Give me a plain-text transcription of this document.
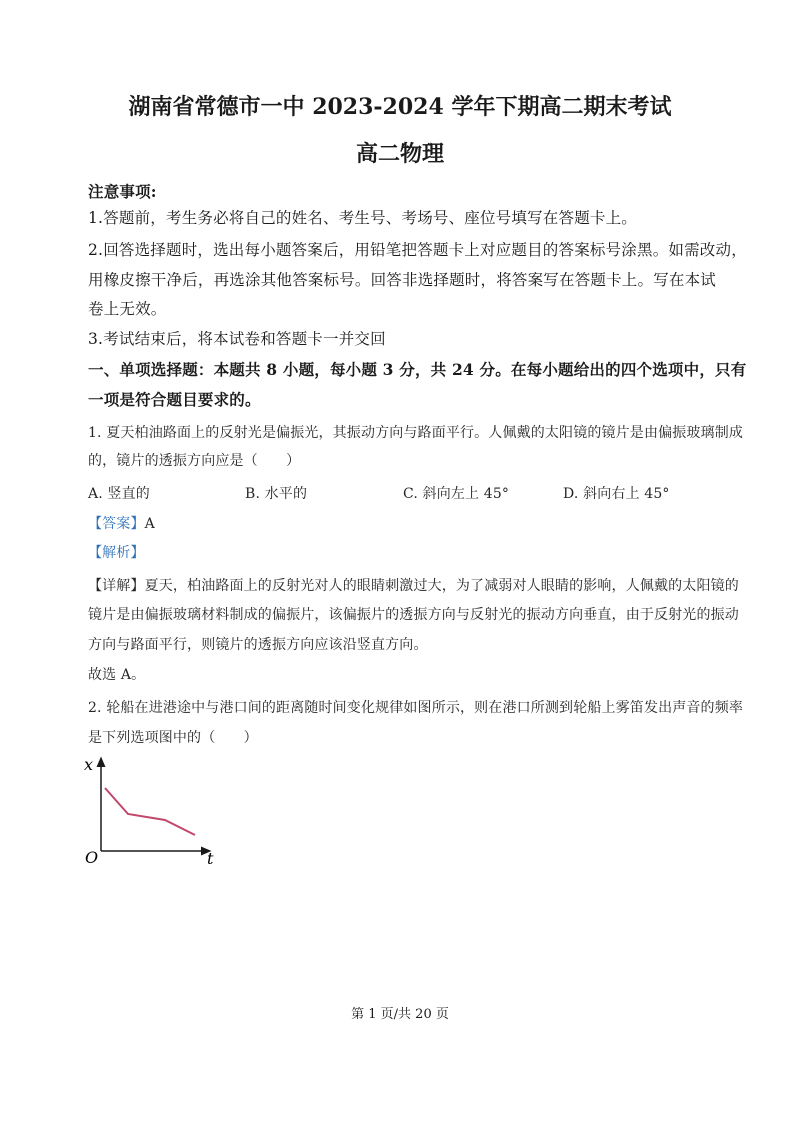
湖南省常德市一中 2023-2024 学年下期高二期末考试
高二物理
注意事项:
1.答题前，考生务必将自己的姓名、考生号、考场号、座位号填写在答题卡上。
2.回答选择题时，选出每小题答案后，用铅笔把答题卡上对应题目的答案标号涂黑。如需改动，
用橡皮擦干净后，再选涂其他答案标号。回答非选择题时，将答案写在答题卡上。写在本试
卷上无效。
3.考试结束后，将本试卷和答题卡一并交回
一、单项选择题：本题共 8 小题，每小题 3 分，共 24 分。在每小题给出的四个选项中，只有
一项是符合题目要求的。
1. 夏天柏油路面上的反射光是偏振光，其振动方向与路面平行。人佩戴的太阳镜的镜片是由偏振玻璃制成
的，镜片的透振方向应是（　　）
A. 竖直的	B. 水平的	C. 斜向左上 45°	D. 斜向右上 45°
【答案】A
【解析】
【详解】夏天，柏油路面上的反射光对人的眼睛刺激过大，为了减弱对人眼睛的影响，人佩戴的太阳镜的
镜片是由偏振玻璃材料制成的偏振片，该偏振片的透振方向与反射光的振动方向垂直，由于反射光的振动
方向与路面平行，则镜片的透振方向应该沿竖直方向。
故选 A。
2. 轮船在进港途中与港口间的距离随时间变化规律如图所示，则在港口所测到轮船上雾笛发出声音的频率
是下列选项图中的（　　）
x
t
O
第 1 页/共 20 页
